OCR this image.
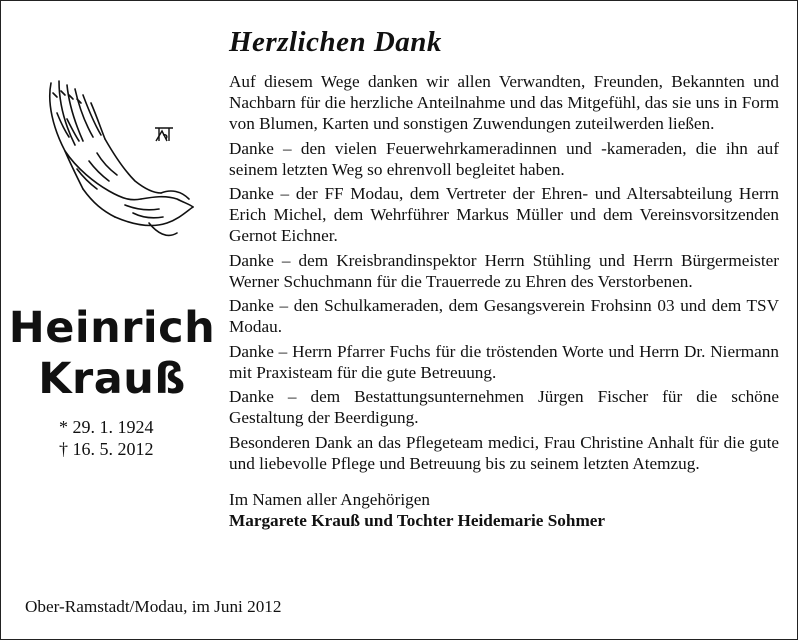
Heinrich
Krauß
* 29. 1. 1924
† 16. 5. 2012
Herzlichen Dank

Auf diesem Wege danken wir allen Verwandten, Freunden, Bekannten und Nachbarn für die herzliche Anteilnahme und das Mitgefühl, das sie uns in Form von Blumen, Karten und sonstigen Zuwendungen zuteilwerden ließen.

Danke – den vielen Feuerwehrkameradinnen und -kameraden, die ihn auf seinem letzten Weg so ehrenvoll begleitet haben.

Danke – der FF Modau, dem Vertreter der Ehren- und Altersabteilung Herrn Erich Michel, dem Wehrführer Markus Müller und dem Vereinsvorsitzenden Gernot Eichner.

Danke – dem Kreisbrandinspektor Herrn Stühling und Herrn Bürgermeister Werner Schuchmann für die Trauerrede zu Ehren des Verstorbenen.

Danke – den Schulkameraden, dem Gesangsverein Frohsinn 03 und dem TSV Modau.

Danke – Herrn Pfarrer Fuchs für die tröstenden Worte und Herrn Dr. Niermann mit Praxisteam für die gute Betreuung.

Danke – dem Bestattungsunternehmen Jürgen Fischer für die schöne Gestaltung der Beerdigung.

Besonderen Dank an das Pflegeteam medici, Frau Christine Anhalt für die gute und liebevolle Pflege und Betreuung bis zu seinem letzten Atemzug.

Im Namen aller Angehörigen
Margarete Krauß und Tochter Heidemarie Sohmer
Ober-Ramstadt/Modau, im Juni 2012
